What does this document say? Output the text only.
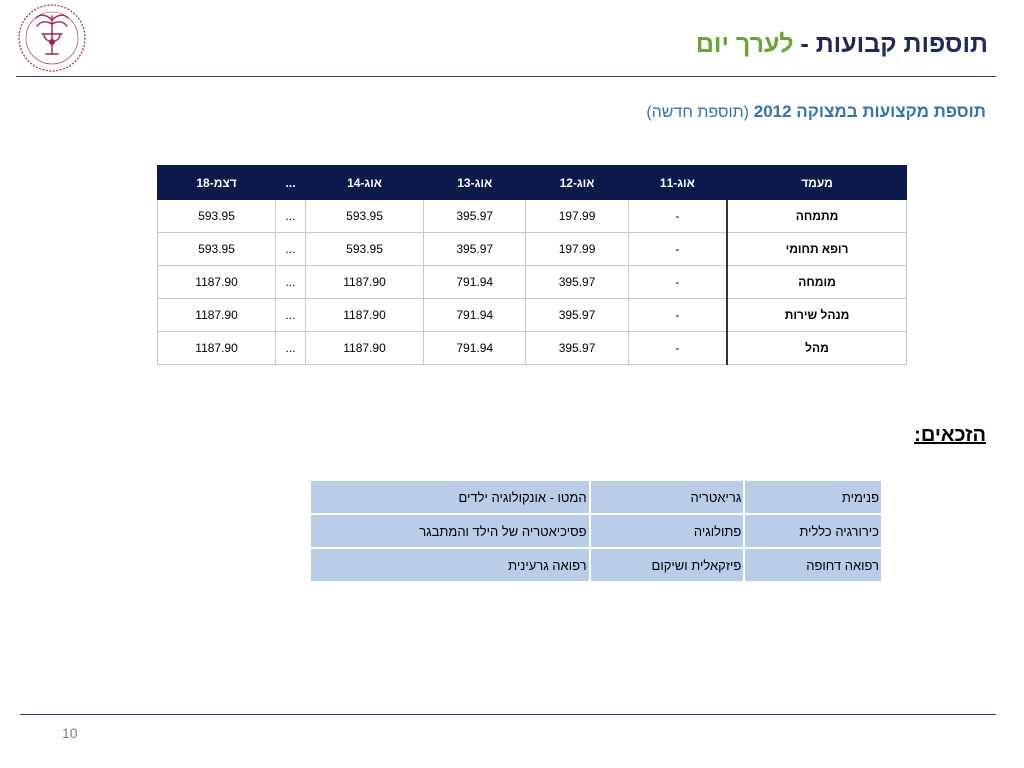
תוספות קבועות - לערך יום
תוספת מקצועות במצוקה 2012 (תוספת חדשה)
מעמד	אוג-11	אוג-12	אוג-13	אוג-14	...	דצמ-18
מתמחה	-	197.99	395.97	593.95	...	593.95
רופא תחומי	-	197.99	395.97	593.95	...	593.95
מומחה	-	395.97	791.94	1187.90	...	1187.90
מנהל שירות	-	395.97	791.94	1187.90	...	1187.90
מהל	-	395.97	791.94	1187.90	...	1187.90
הזכאים:
פנימית	גריאטריה	המטו - אונקולוגיה ילדים
כירורגיה כללית	פתולוגיה	פסיכיאטריה של הילד והמתבגר
רפואה דחופה	פיזקאלית ושיקום	רפואה גרעינית
10
